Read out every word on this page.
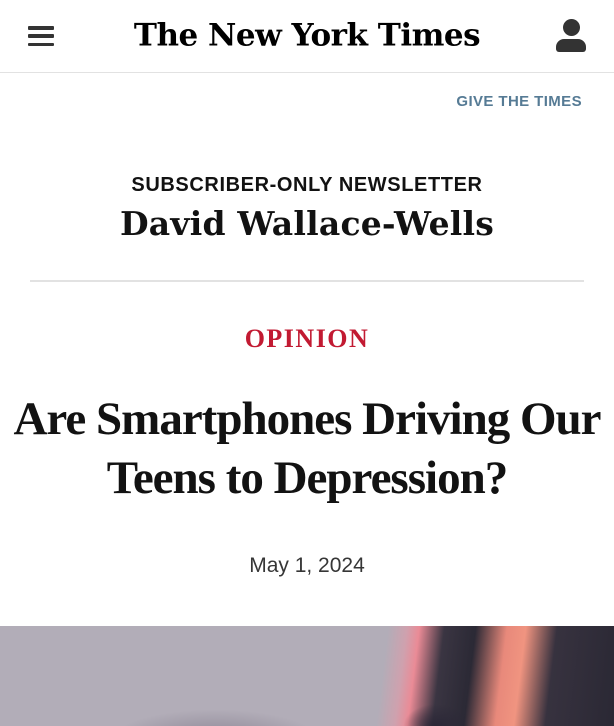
The New York Times
GIVE THE TIMES
SUBSCRIBER-ONLY NEWSLETTER
David Wallace-Wells
OPINION
Are Smartphones Driving Our
Teens to Depression?
May 1, 2024
